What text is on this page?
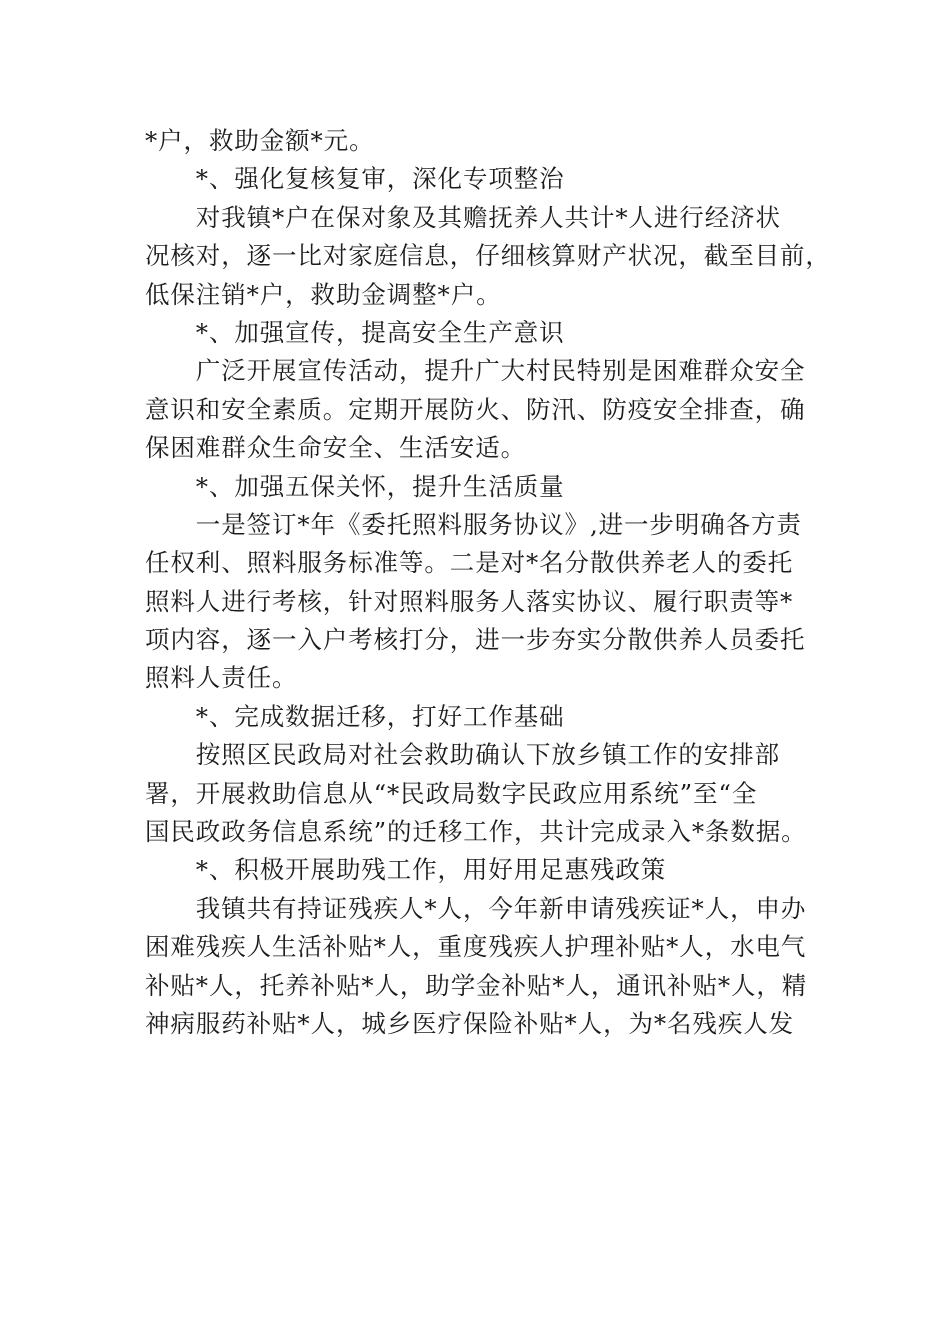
*户，救助金额*元。
　　*、强化复核复审，深化专项整治
　　对我镇*户在保对象及其赡抚养人共计*人进行经济状
况核对，逐一比对家庭信息，仔细核算财产状况，截至目前，
低保注销*户，救助金调整*户。
　　*、加强宣传，提高安全生产意识
　　广泛开展宣传活动，提升广大村民特别是困难群众安全
意识和安全素质。定期开展防火、防汛、防疫安全排查，确
保困难群众生命安全、生活安适。
　　*、加强五保关怀，提升生活质量
　　一是签订*年《委托照料服务协议》,进一步明确各方责
任权利、照料服务标准等。二是对*名分散供养老人的委托
照料人进行考核，针对照料服务人落实协议、履行职责等*
项内容，逐一入户考核打分，进一步夯实分散供养人员委托
照料人责任。
　　*、完成数据迁移，打好工作基础
　　按照区民政局对社会救助确认下放乡镇工作的安排部
署，开展救助信息从“*民政局数字民政应用系统”至“全
国民政政务信息系统”的迁移工作，共计完成录入*条数据。
　　*、积极开展助残工作，用好用足惠残政策
　　我镇共有持证残疾人*人，今年新申请残疾证*人，申办
困难残疾人生活补贴*人，重度残疾人护理补贴*人，水电气
补贴*人，托养补贴*人，助学金补贴*人，通讯补贴*人，精
神病服药补贴*人，城乡医疗保险补贴*人，为*名残疾人发
